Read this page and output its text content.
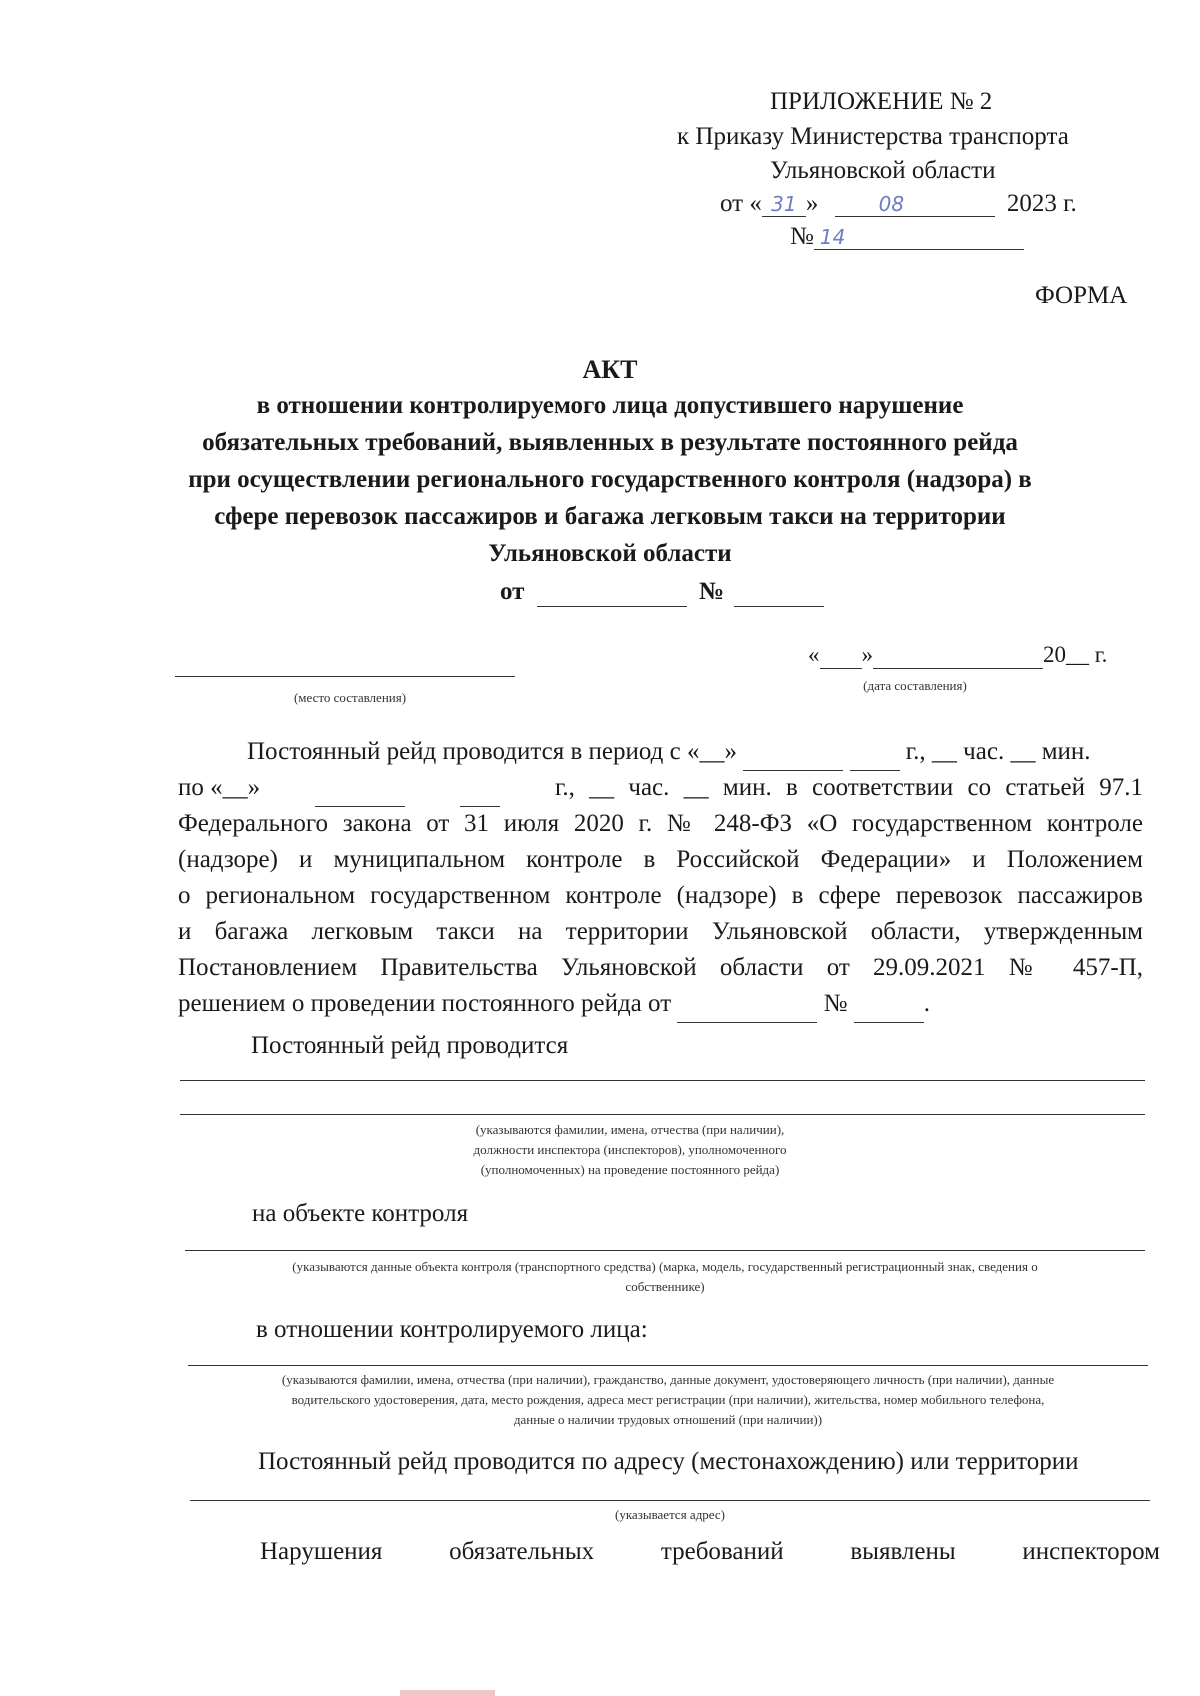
ПРИЛОЖЕНИЕ № 2
к Приказу Министерства транспорта
Ульяновской области
от « 31 »	08	2023 г.
№ 14
ФОРМА
АКТ
в отношении контролируемого лица допустившего нарушение
обязательных требований, выявленных в результате постоянного рейда
при осуществлении регионального государственного контроля (надзора) в
сфере перевозок пассажиров и багажа легковым такси на территории
Ульяновской области
от	№
(место составления)
« »	20__ г.
(дата составления)
Постоянный рейд проводится в период с «__»	г., __ час. __ мин.
по «__»

	г., __ час. __ мин. в соответствии со статьей 97.1
Федерального закона от 31 июля 2020 г. № 248-ФЗ «О государственном контроле
(надзоре) и муниципальном контроле в Российской Федерации» и Положением
о региональном государственном контроле (надзоре) в сфере перевозок пассажиров
и багажа легковым такси на территории Ульяновской области, утвержденным
Постановлением Правительства Ульяновской области от 29.09.2021 № 457-П,
решением о проведении постоянного рейда от	№	.
Постоянный рейд проводится
(указываются фамилии, имена, отчества (при наличии),
должности инспектора (инспекторов), уполномоченного
(уполномоченных) на проведение постоянного рейда)
на объекте контроля
(указываются данные объекта контроля (транспортного средства) (марка, модель, государственный регистрационный знак, сведения о
собственнике)
в отношении контролируемого лица:
(указываются фамилии, имена, отчества (при наличии), гражданство, данные документ, удостоверяющего личность (при наличии), данные
водительского удостоверения, дата, место рождения, адреса мест регистрации (при наличии), жительства, номер мобильного телефона,
данные о наличии трудовых отношений (при наличии))
Постоянный рейд проводится по адресу (местонахождению) или территории
(указывается адрес)
Нарушения	обязательных	требований	выявлены	инспектором
